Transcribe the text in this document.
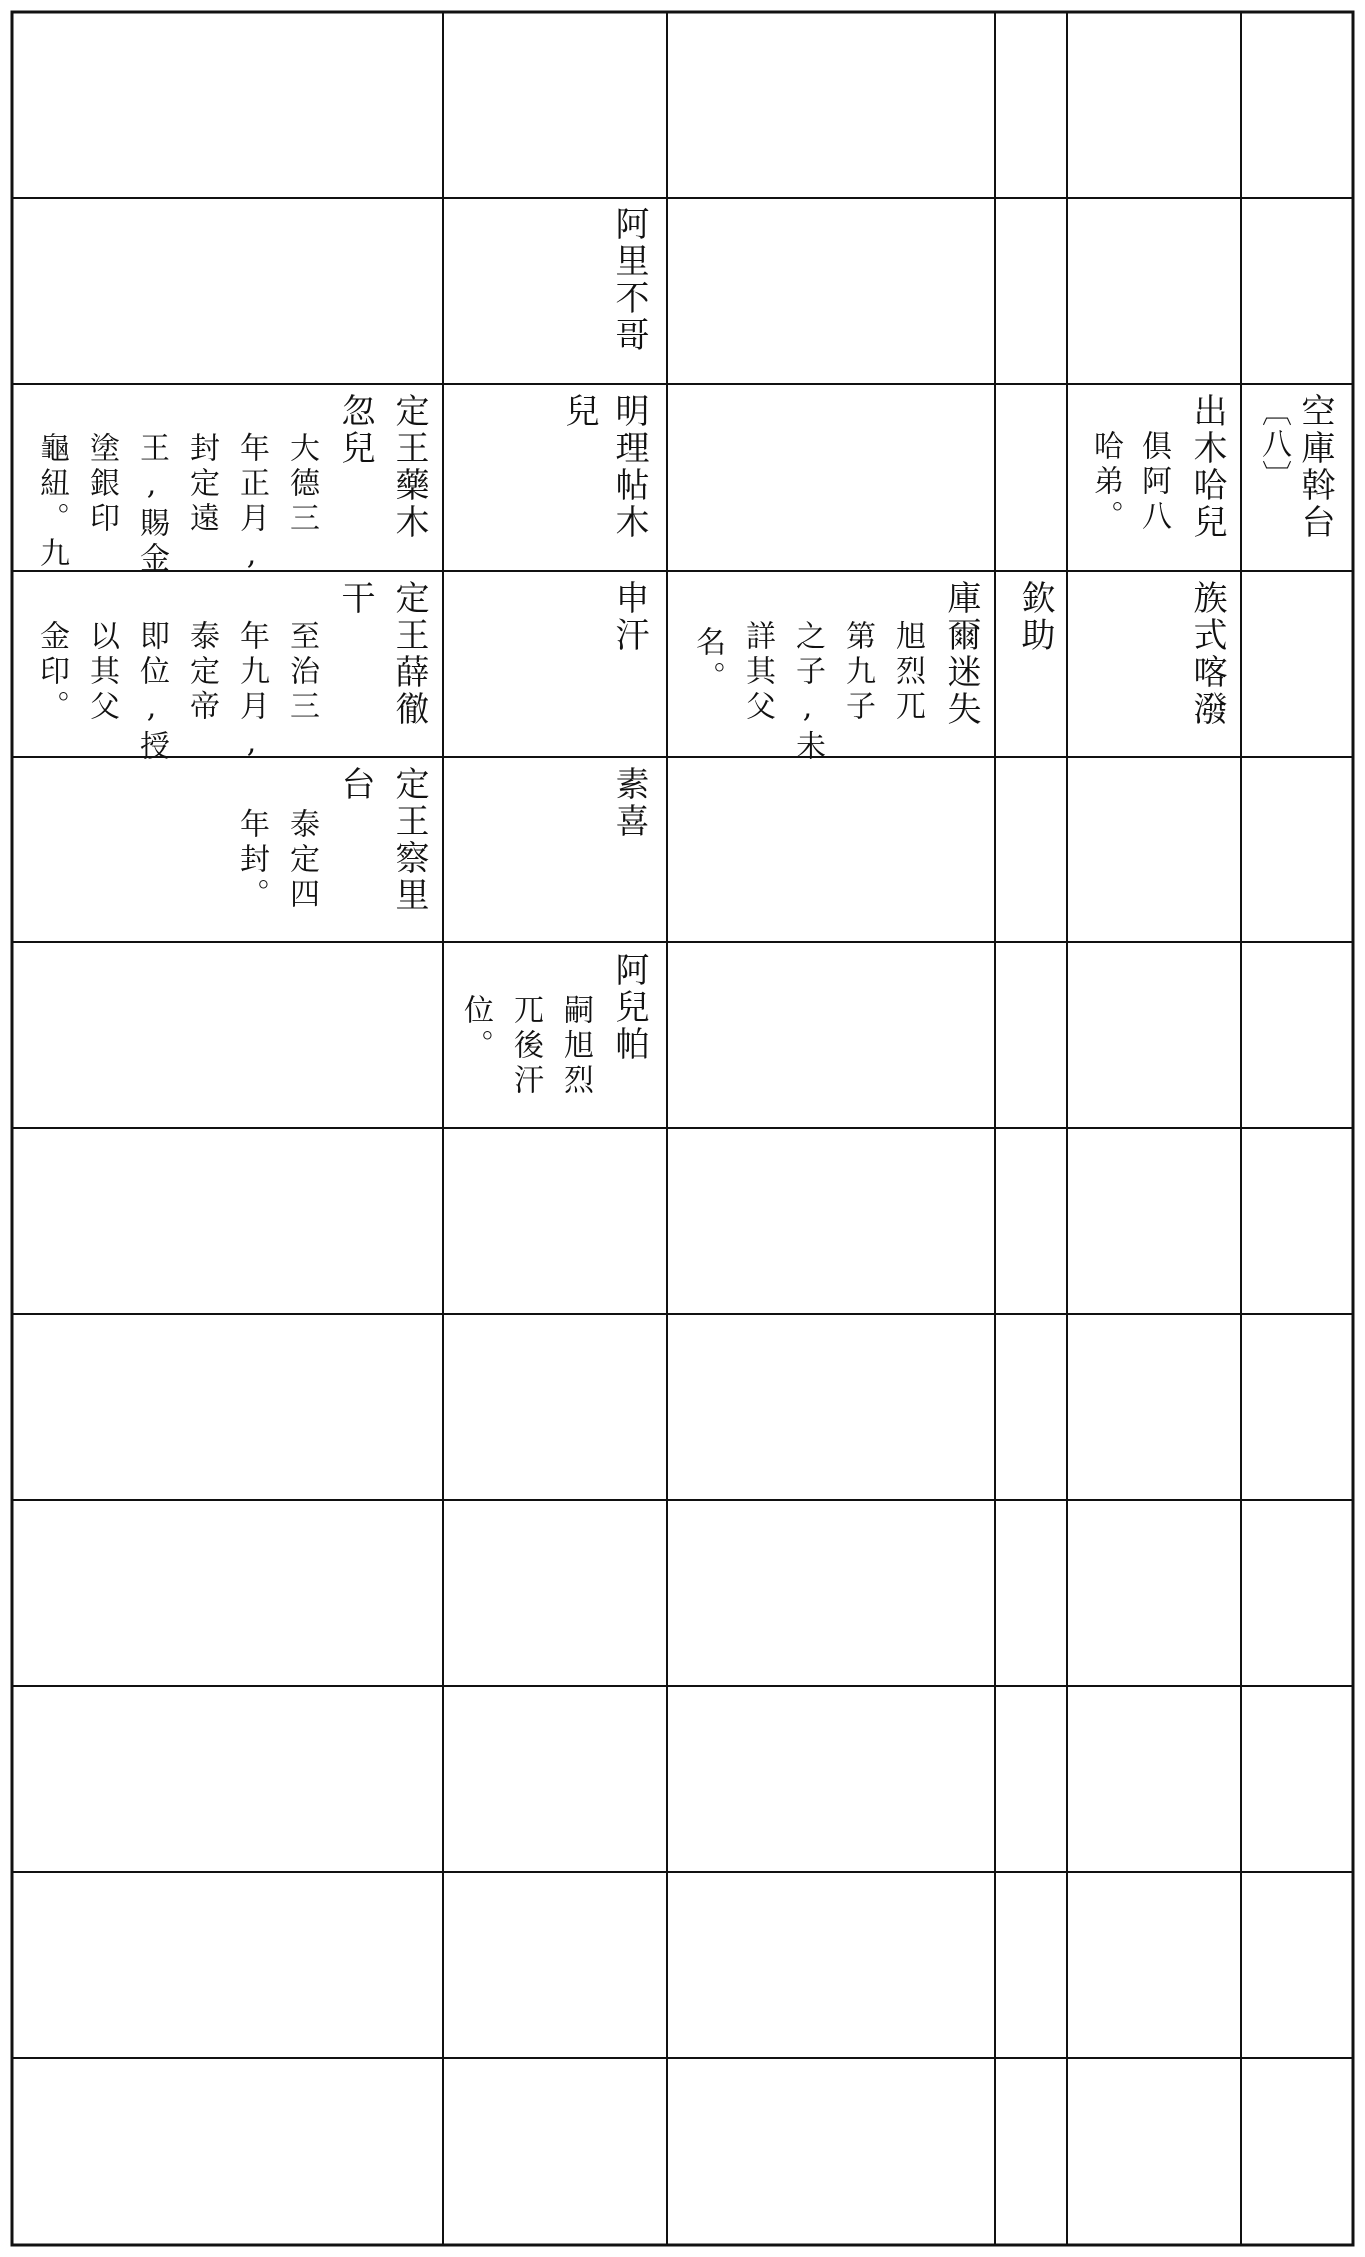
阿里不哥
空庫斡台
〔八〕
出木哈兒
俱阿八
哈弟。
明理帖木
兒
定王藥木
忽兒
大德三
年正月,
封定遠
王,賜金
塗銀印
龜紐。九
族式喀潑
欽助
庫爾迷失
旭烈兀
第九子
之子,未
詳其父
名。
申汗
定王薛徹
干
至治三
年九月,
泰定帝
即位,授
以其父
金印。
素喜
定王察里
台
泰定四
年封。
阿兒帕
嗣旭烈
兀後汗
位。
